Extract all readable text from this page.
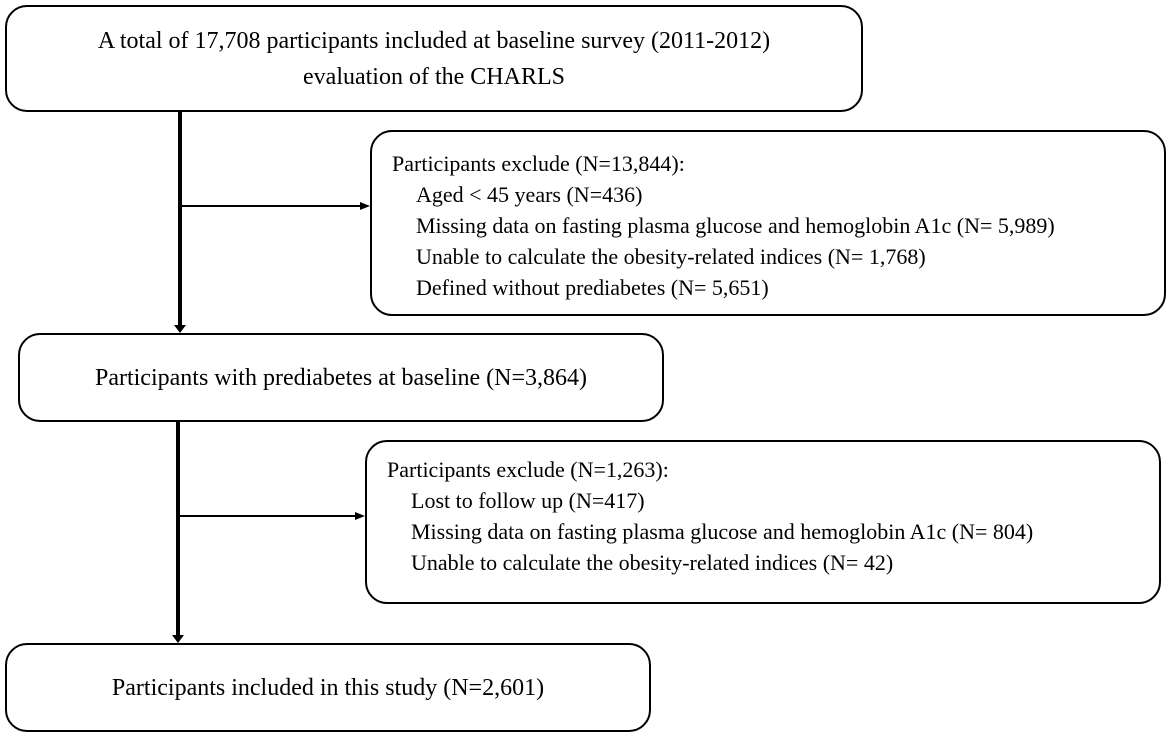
A total of 17,708 participants included at baseline survey (2011-2012)
evaluation of the CHARLS
Participants exclude (N=13,844):
Aged < 45 years (N=436)
Missing data on fasting plasma glucose and hemoglobin A1c (N= 5,989)
Unable to calculate the obesity-related indices (N= 1,768)
Defined without prediabetes (N= 5,651)
Participants with prediabetes at baseline (N=3,864)
Participants exclude (N=1,263):
Lost to follow up (N=417)
Missing data on fasting plasma glucose and hemoglobin A1c (N= 804)
Unable to calculate the obesity-related indices (N= 42)
Participants included in this study (N=2,601)
